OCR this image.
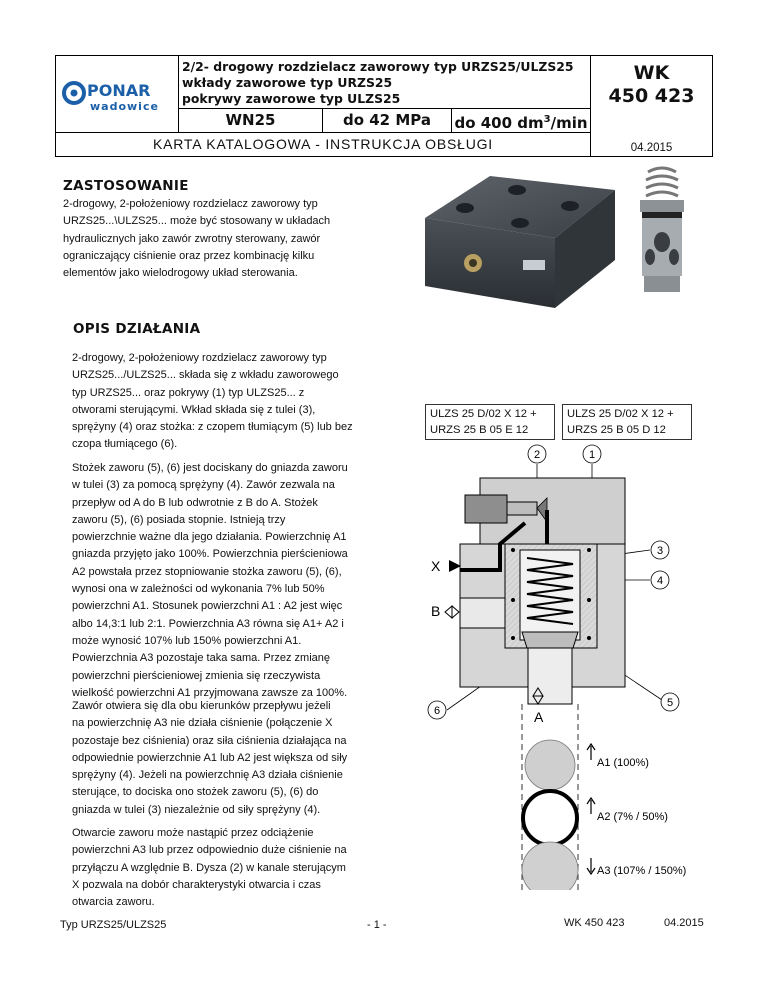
PONAR
wadowice
2/2- drogowy rozdzielacz zaworowy typ URZS25/ULZS25
wkłady zaworowe typ URZS25
pokrywy zaworowe typ ULZS25
WK
450 423
WN25	do 42 MPa	do 400 $dm^3/\min$
04.2015
KARTA KATALOGOWA - INSTRUKCJA OBSŁUGI
ZASTOSOWANIE
2-drogowy, 2-położeniowy rozdzielacz zaworowy typ
URZS25...\ULZS25... może być stosowany w układach
hydraulicznych jako zawór zwrotny sterowany, zawór
ograniczający ciśnienie oraz przez kombinację kilku
elementów jako wielodrogowy układ sterowania.
OPIS DZIAŁANIA
2-drogowy, 2-położeniowy rozdzielacz zaworowy typ
URZS25.../ULZS25... składa się z wkładu zaworowego
typ URZS25... oraz pokrywy (1) typ ULZS25... z
otworami sterującymi. Wkład składa się z tulei (3),
sprężyny (4) oraz stożka: z czopem tłumiącym (5) lub bez
czopa tłumiącego (6).
Stożek zaworu (5), (6) jest dociskany do gniazda zaworu
w tulei (3) za pomocą sprężyny (4). Zawór zezwala na
przepływ od A do B lub odwrotnie z B do A. Stożek
zaworu (5), (6) posiada stopnie. Istnieją trzy
powierzchnie ważne dla jego działania. Powierzchnię A1
gniazda przyjęto jako 100%. Powierzchnia pierścieniowa
A2 powstała przez stopniowanie stożka zaworu (5), (6),
wynosi ona w zależności od wykonania 7% lub 50%
powierzchni A1. Stosunek powierzchni A1 : A2 jest więc
albo 14,3:1 lub 2:1. Powierzchnia A3 równa się A1+ A2 i
może wynosić 107% lub 150% powierzchni A1.
Powierzchnia A3 pozostaje taka sama. Przez zmianę
powierzchni pierścieniowej zmienia się rzeczywista
wielkość powierzchni A1 przyjmowana zawsze za 100%.
Zawór otwiera się dla obu kierunków przepływu jeżeli
na powierzchnię A3 nie działa ciśnienie (połączenie X
pozostaje bez ciśnienia) oraz siła ciśnienia działająca na
odpowiednie powierzchnie A1 lub A2 jest większa od siły
sprężyny (4). Jeżeli na powierzchnię A3 działa ciśnienie
sterujące, to dociska ono stożek zaworu (5), (6) do
gniazda w tulei (3) niezależnie od siły sprężyny (4).
Otwarcie zaworu może nastąpić przez odciążenie
powierzchni A3 lub przez odpowiednio duże ciśnienie na
przyłączu A względnie B. Dysza (2) w kanale sterującym
X pozwala na dobór charakterystyki otwarcia i czas
otwarcia zaworu.
ULZS 25 D/02 X 12 +
URZS 25 B 05 E 12
ULZS 25 D/02 X 12 +
URZS 25 B 05 D 12
2	1
3
4
5
6
X
B
A
A1 (100%)
A2 (7% / 50%)
A3 (107% / 150%)
Typ URZS25/ULZS25	- 1 -	WK 450 423	04.2015
